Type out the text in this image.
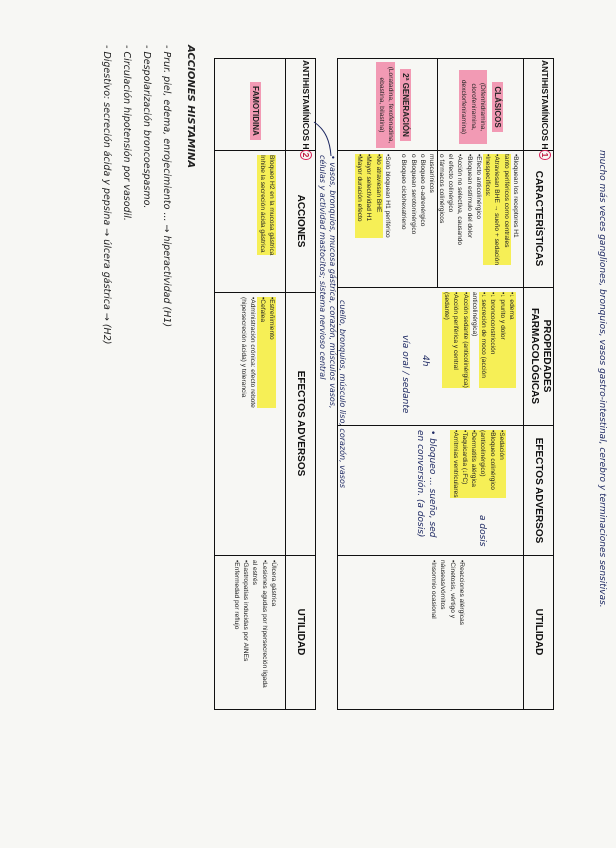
mucho más veces gangliones, bronquios, vasos gastro-intestinal, cerebro y terminaciones sensitivas.
ANTIHISTAMÍNICOS H1
CARACTERÍSTICAS
PROPIEDADES FARMACOLÓGICAS
EFECTOS ADVERSOS
UTILIDAD
CLÁSICOS
(Difenhidramina,
clorofeniramina,
dexclorfeniramina)
2ª GENERACIÓN
(Loratadina, fexofenadina,
ebastina, bilastina)
•Bloquean los receptores H1
tanto periféricos como centrales
•Atraviesan BHE → sueño + sedación
•Inespecíficos:
•Efecto anticolinérgico
•Bloquean estímulo del dolor
•Acción no selectiva, causando
el efecto colinérgico
o fármacos colinérgicos
muscarínicos
o Bloqueo α-adrenérgico
o Bloquean serotoninérgico
o Bloqueo ciclohexatrieno
•Solo bloquean H1 periférico
•No atraviesan BHE
•Mayor selectividad H1
•Mayor duración efecto
•↓ edema
•↓ prurito y dolor
•↓ broncoconstricción
•↓ secreción de moco (acción
anticolinérgica)
•Acción sedante (anticolinérgica)
•Acción periférica y central
(sedante)
4h
vía oral / sedante
•Sedación
•Bloqueo colinérgico
(anticolinérgico)
•Dermatitis alérgica
•Taquicardia (↓FC)
•Arritmias ventriculares
• bloqueo ... sueño, sed
en conversión. (a dosis)	a dosis
•Reacciones alérgicas
•Cinetosis, vértigo y
náuseas/vómitos
•Insomnio ocasional
ANTIHISTAMÍNICOS H2
ACCIONES
EFECTOS ADVERSOS
UTILIDAD
FAMOTIDINA
Bloqueo H2 en la mucosa gástrica
Inhibe la secreción ácida gástrica
•Estreñimiento
•Cefalea
•Administración crónica: efecto rebote
(hipersecreción ácida) y tolerancia
•Úlcera gástrica
•Lesiones agudas por hipersecreción ligada
al estrés
•Gastropatías inducidas por AINEs
•Enfermedad por reflujo
• vasos, bronquios, mucosa gástrica, corazón, músculos vasos,
células y actividad mastocitos; sistema nervioso central
cuello, bronquios, músculo liso, corazón, vasos
ACCIONES HISTAMINA
- Prur. piel, edema, enrojecimiento ... → hiperactividad (H1)
- Despolarización broncoespasmo.
- Circulación hipotensión por vasodil.
- Digestivo: secreción ácida y pepsina → úlcera gástrica → (H2)
